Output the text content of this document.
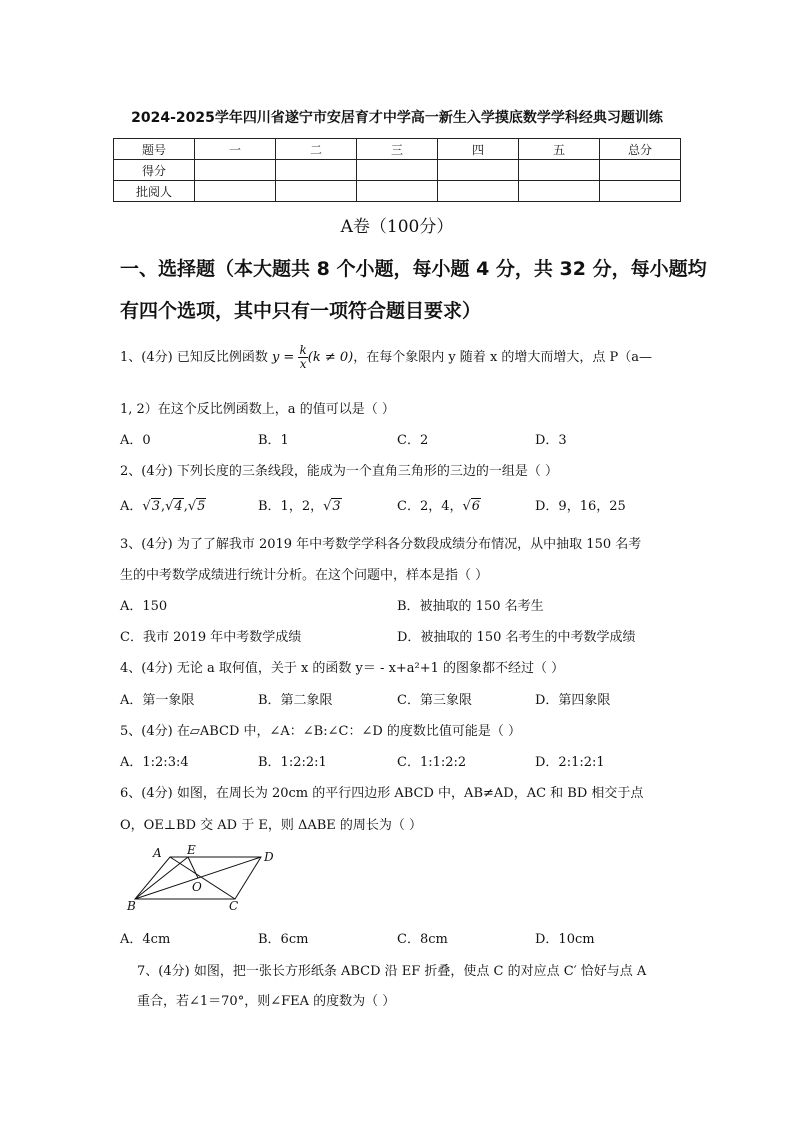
2024-2025学年四川省遂宁市安居育才中学高一新生入学摸底数学学科经典习题训练
题号	一	二	三	四	五	总分
得分						
批阅人						
A卷（100分）
一、选择题（本大题共 8 个小题，每小题 4 分，共 32 分，每小题均
有四个选项，其中只有一项符合题目要求）
1、(4分) 已知反比例函数 $y = \frac{k}{x} (k \ne 0)$，在每个象限内 y 随着 x 的增大而增大，点 P（a—
1, 2）在这个反比例函数上，a 的值可以是（ ）
A．0	B．1	C．2	D．3
2、(4分) 下列长度的三条线段，能成为一个直角三角形的三边的一组是（ ）
A．√3,√4,√5	B．1，2，√3	C．2，4，√6	D．9，16，25
3、(4分) 为了了解我市 2019 年中考数学学科各分数段成绩分布情况，从中抽取 150 名考
生的中考数学成绩进行统计分析。在这个问题中，样本是指（ ）
A．150	B．被抽取的 150 名考生
C．我市 2019 年中考数学成绩	D．被抽取的 150 名考生的中考数学成绩
4、(4分) 无论 a 取何值，关于 x 的函数 y＝ - x+a²+1 的图象都不经过（ ）
A．第一象限	B．第二象限	C．第三象限	D．第四象限
5、(4分) 在▱ABCD 中，∠A：∠B:∠C：∠D 的度数比值可能是（ ）
A．1:2:3:4	B．1:2:2:1	C．1:1:2:2	D．2:1:2:1
6、(4分) 如图，在周长为 20cm 的平行四边形 ABCD 中，AB≠AD，AC 和 BD 相交于点
O，OE⊥BD 交 AD 于 E，则 ΔABE 的周长为（ ）
A E	D
O
B	C
A．4cm	B．6cm	C．8cm	D．10cm
7、(4分) 如图，把一张长方形纸条 ABCD 沿 EF 折叠，使点 C 的对应点 C′ 恰好与点 A
重合，若∠1＝70°，则∠FEA 的度数为（ ）
